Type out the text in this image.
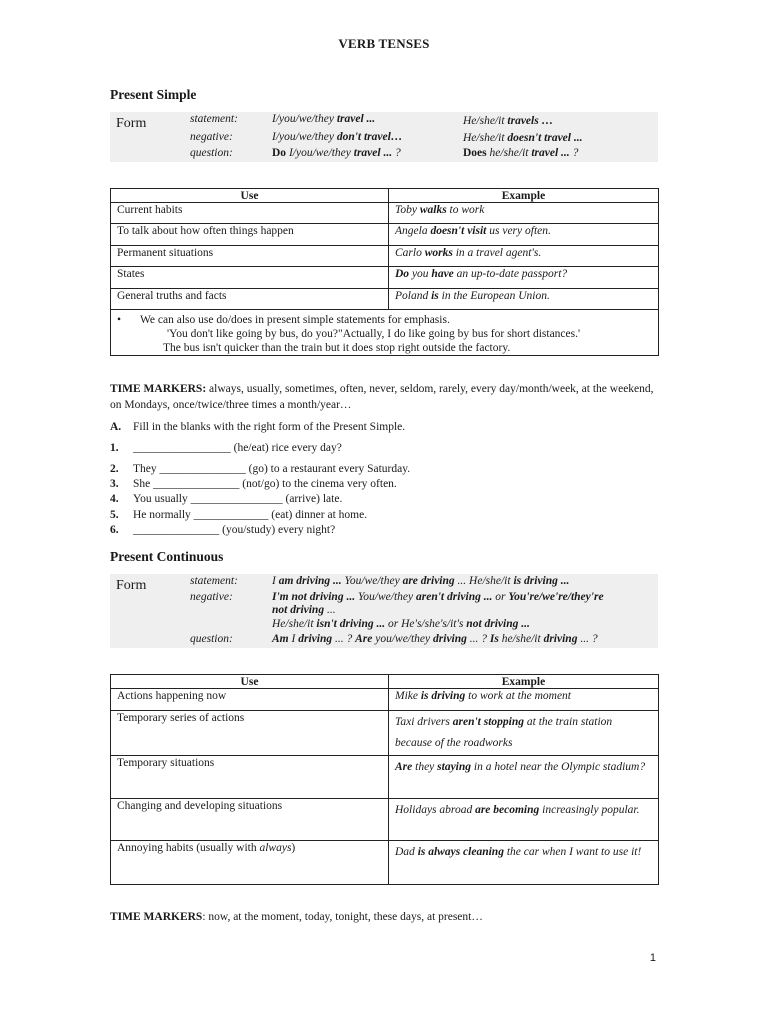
VERB TENSES
Present Simple
Form	statement:	I/you/we/they travel ...	He/she/it travels …
negative:	I/you/we/they don't travel…	He/she/it doesn't travel ...
question:	Do I/you/we/they travel ... ?	Does he/she/it travel ... ?
Use	Example
Current habits	Toby walks to work
To talk about how often things happen	Angela doesn't visit us very often.
Permanent situations	Carlo works in a travel agent's.
States	Do you have an up-to-date passport?
General truths and facts	Poland is in the European Union.

• We can also use do/does in present simple statements for emphasis.
'You don't like going by bus, do you?"Actually, I do like going by bus for short distances.'
The bus isn't quicker than the train but it does stop right outside the factory.	
TIME MARKERS: always, usually, sometimes, often, never, seldom, rarely, every day/month/week, at the weekend, on Mondays, once/twice/three times a month/year…
A. Fill in the blanks with the right form of the Present Simple.
1. _________________ (he/eat) rice every day?
2. They _______________ (go) to a restaurant every Saturday.
3. She _______________ (not/go) to the cinema very often.
4. You usually ________________ (arrive) late.
5. He normally _____________ (eat) dinner at home.
6. _______________ (you/study) every night?
Present Continuous
Form	statement:	I am driving ... You/we/they are driving ... He/she/it is driving ...
negative:	I'm not driving ... You/we/they aren't driving ... or You're/we're/they're
not driving ...
He/she/it isn't driving ... or He's/she's/it's not driving ...
question:	Am I driving ... ? Are you/we/they driving ... ? Is he/she/it driving ... ?
Use	Example
Actions happening now	Mike is driving to work at the moment
Temporary series of actions	Taxi drivers aren't stopping at the train station because of the roadworks
Temporary situations	Are they staying in a hotel near the Olympic stadium?
Changing and developing situations	Holidays abroad are becoming increasingly popular.
Annoying habits (usually with always)	Dad is always cleaning the car when I want to use it!
TIME MARKERS: now, at the moment, today, tonight, these days, at present…
1
